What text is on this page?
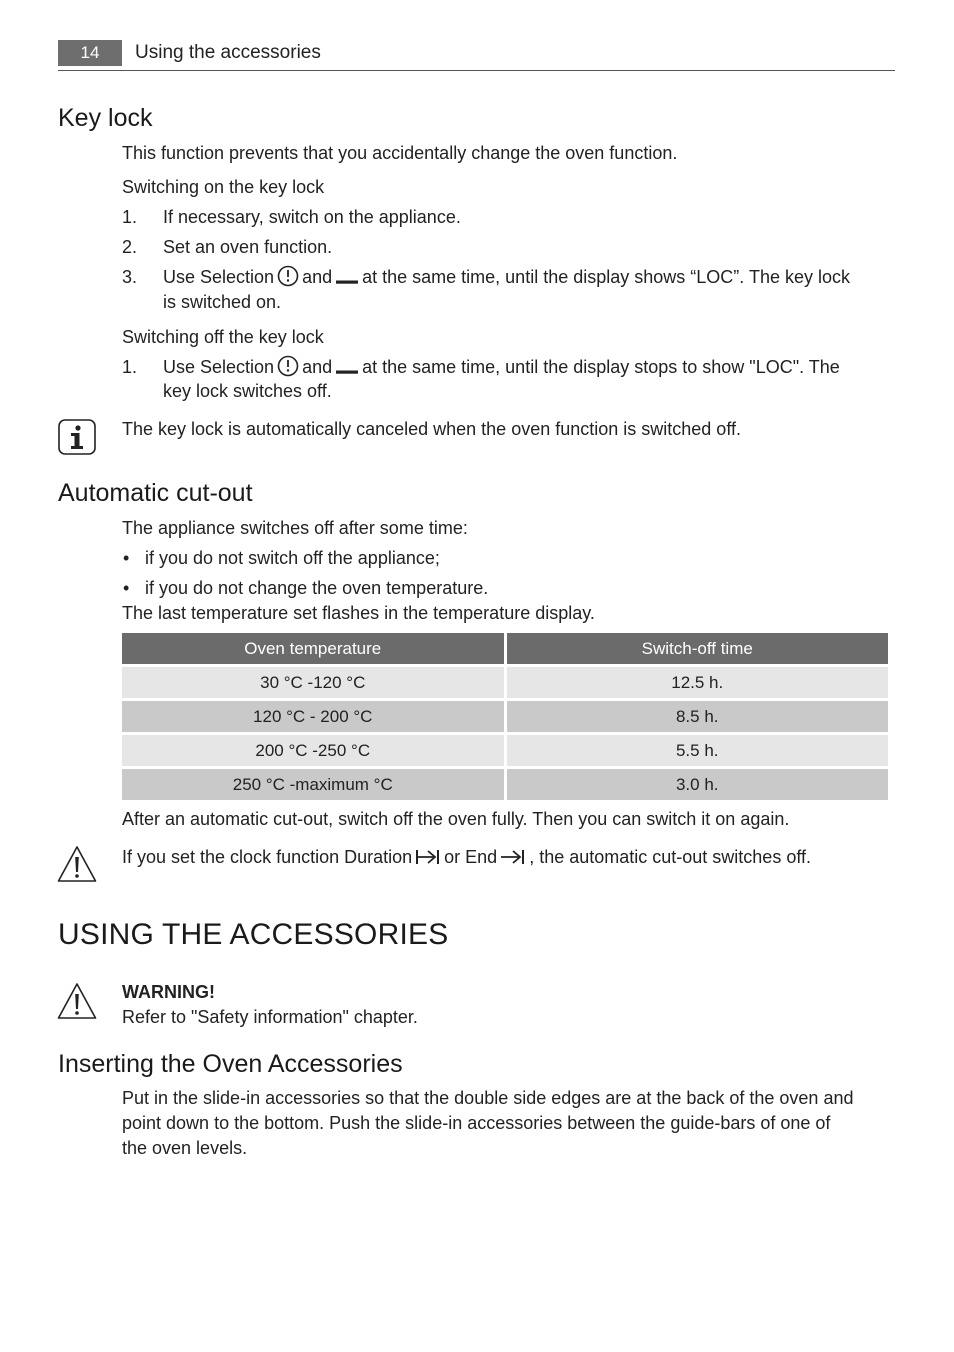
14	Using the accessories
Key lock
This function prevents that you accidentally change the oven function.
Switching on the key lock
1. If necessary, switch on the appliance.
2. Set an oven function.
3. Use Selection and at the same time, until the display shows “LOC”. The key lock
is switched on.
Switching off the key lock
1. Use Selection and at the same time, until the display stops to show "LOC". The
key lock switches off.
The key lock is automatically canceled when the oven function is switched off.
Automatic cut-out
The appliance switches off after some time:
• if you do not switch off the appliance;
• if you do not change the oven temperature.
The last temperature set flashes in the temperature display.
Oven temperature	Switch-off time
30 °C -120 °C	12.5 h.
120 °C - 200 °C	8.5 h.
200 °C -250 °C	5.5 h.
250 °C -maximum °C	3.0 h.
After an automatic cut-out, switch off the oven fully. Then you can switch it on again.
If you set the clock function Duration or End , the automatic cut-out switches off.
USING THE ACCESSORIES
WARNING!
Refer to "Safety information" chapter.
Inserting the Oven Accessories
Put in the slide-in accessories so that the double side edges are at the back of the oven and
point down to the bottom. Push the slide-in accessories between the guide-bars of one of
the oven levels.
